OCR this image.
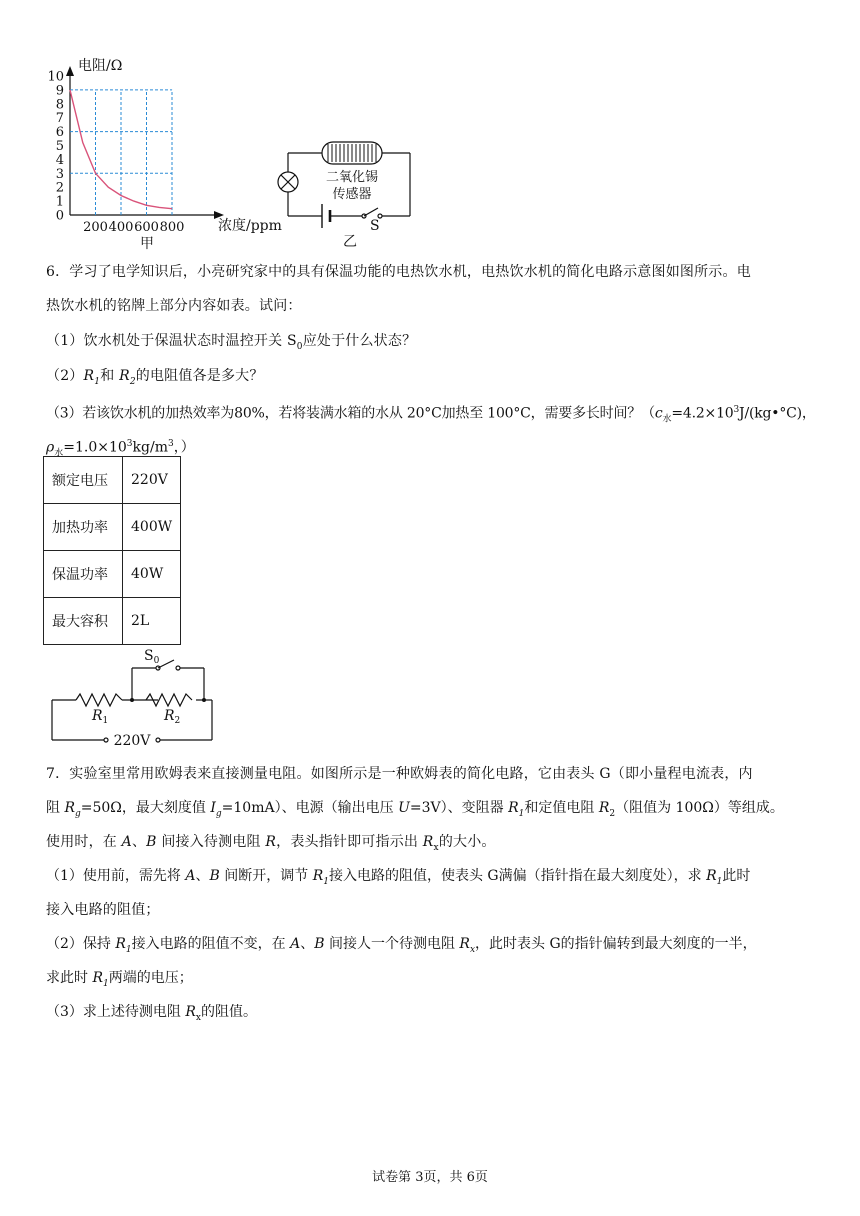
10
9
8
7
6
5
4
3
2
1
0
200 400 600 800
电阻/Ω
浓度/ppm
甲
二氧化锡
传感器
S
乙
6．学习了电学知识后，小亮研究家中的具有保温功能的电热饮水机，电热饮水机的简化电路示意图如图所示。电
热饮水机的铭牌上部分内容如表。试问：
（1）饮水机处于保温状态时温控开关 $S_0$应处于什么状态？
$(2)R_1$和 $R_2$的电阻值各是多大？
（3）若该饮水机的加热效率为80%，若将装满水箱的水从 20°C加热至 100°C，需要多长时间？（$c_水=4.2\times 10^3J/(kg•^\circ C)$，
$\rho_水=1.0\times 10^3kg/m^3$，）
额定电压	220V
加热功率	400W
保温功率	40W
最大容积	2L
$S_0$
$R_1$	$R_2$
220V
7．实验室里常用欧姆表来直接测量电阻。如图所示是一种欧姆表的简化电路，它由表头 G（即小量程电流表，内
阻 $R_g=50\Omega$，最大刻度值 $I_g=10mA$）、电源（输出电压 U=3V）、变阻器 $R_1$和定值电阻 $R_2$（阻值为 100Ω）等组成。
使用时，在 A、B 间接入待测电阻 R，表头指针即可指示出 $R_x$的大小。
（1）使用前，需先将 A、B 间断开，调节 $R_1$接入电路的阻值，使表头 G满偏（指针指在最大刻度处），求 $R_1$此时
接入电路的阻值；
（2）保持 $R_1$接入电路的阻值不变，在 A、B 间接人一个待测电阻 $R_x$，此时表头 G的指针偏转到最大刻度的一半，
求此时 $R_1$两端的电压；
（3）求上述待测电阻 $R_x$的阻值。
试卷第 3页，共 6页
